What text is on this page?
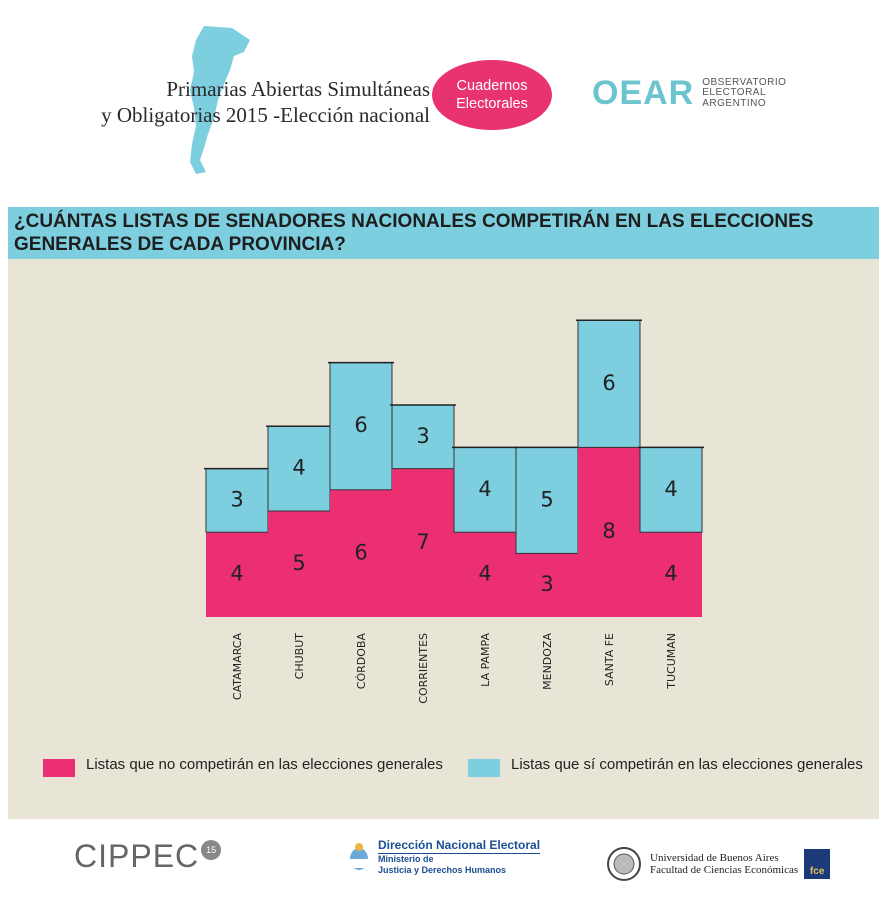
Primarias Abiertas Simultáneas
y Obligatorias 2015 -Elección nacional
Cuadernos
Electorales OEAR OBSERVATORIO
ELECTORAL
ARGENTINO
¿CUÁNTAS LISTAS DE SENADORES NACIONALES COMPETIRÁN EN LAS ELECCIONES GENERALES DE CADA PROVINCIA?
4
3
CATAMARCA
5
4
CHUBUT
6
6
CÓRDOBA
7
3
CORRIENTES
4
4
LA PAMPA
3
5
MENDOZA
8
6
SANTA FE
4
4
TUCUMAN
Listas que no competirán en las elecciones generales	Listas que sí competirán en las elecciones generales
CIPPEC 15	Dirección Nacional Electoral
Ministerio de
Justicia y Derechos Humanos
Universidad de Buenos Aires
Facultad de Ciencias Económicas	fce
